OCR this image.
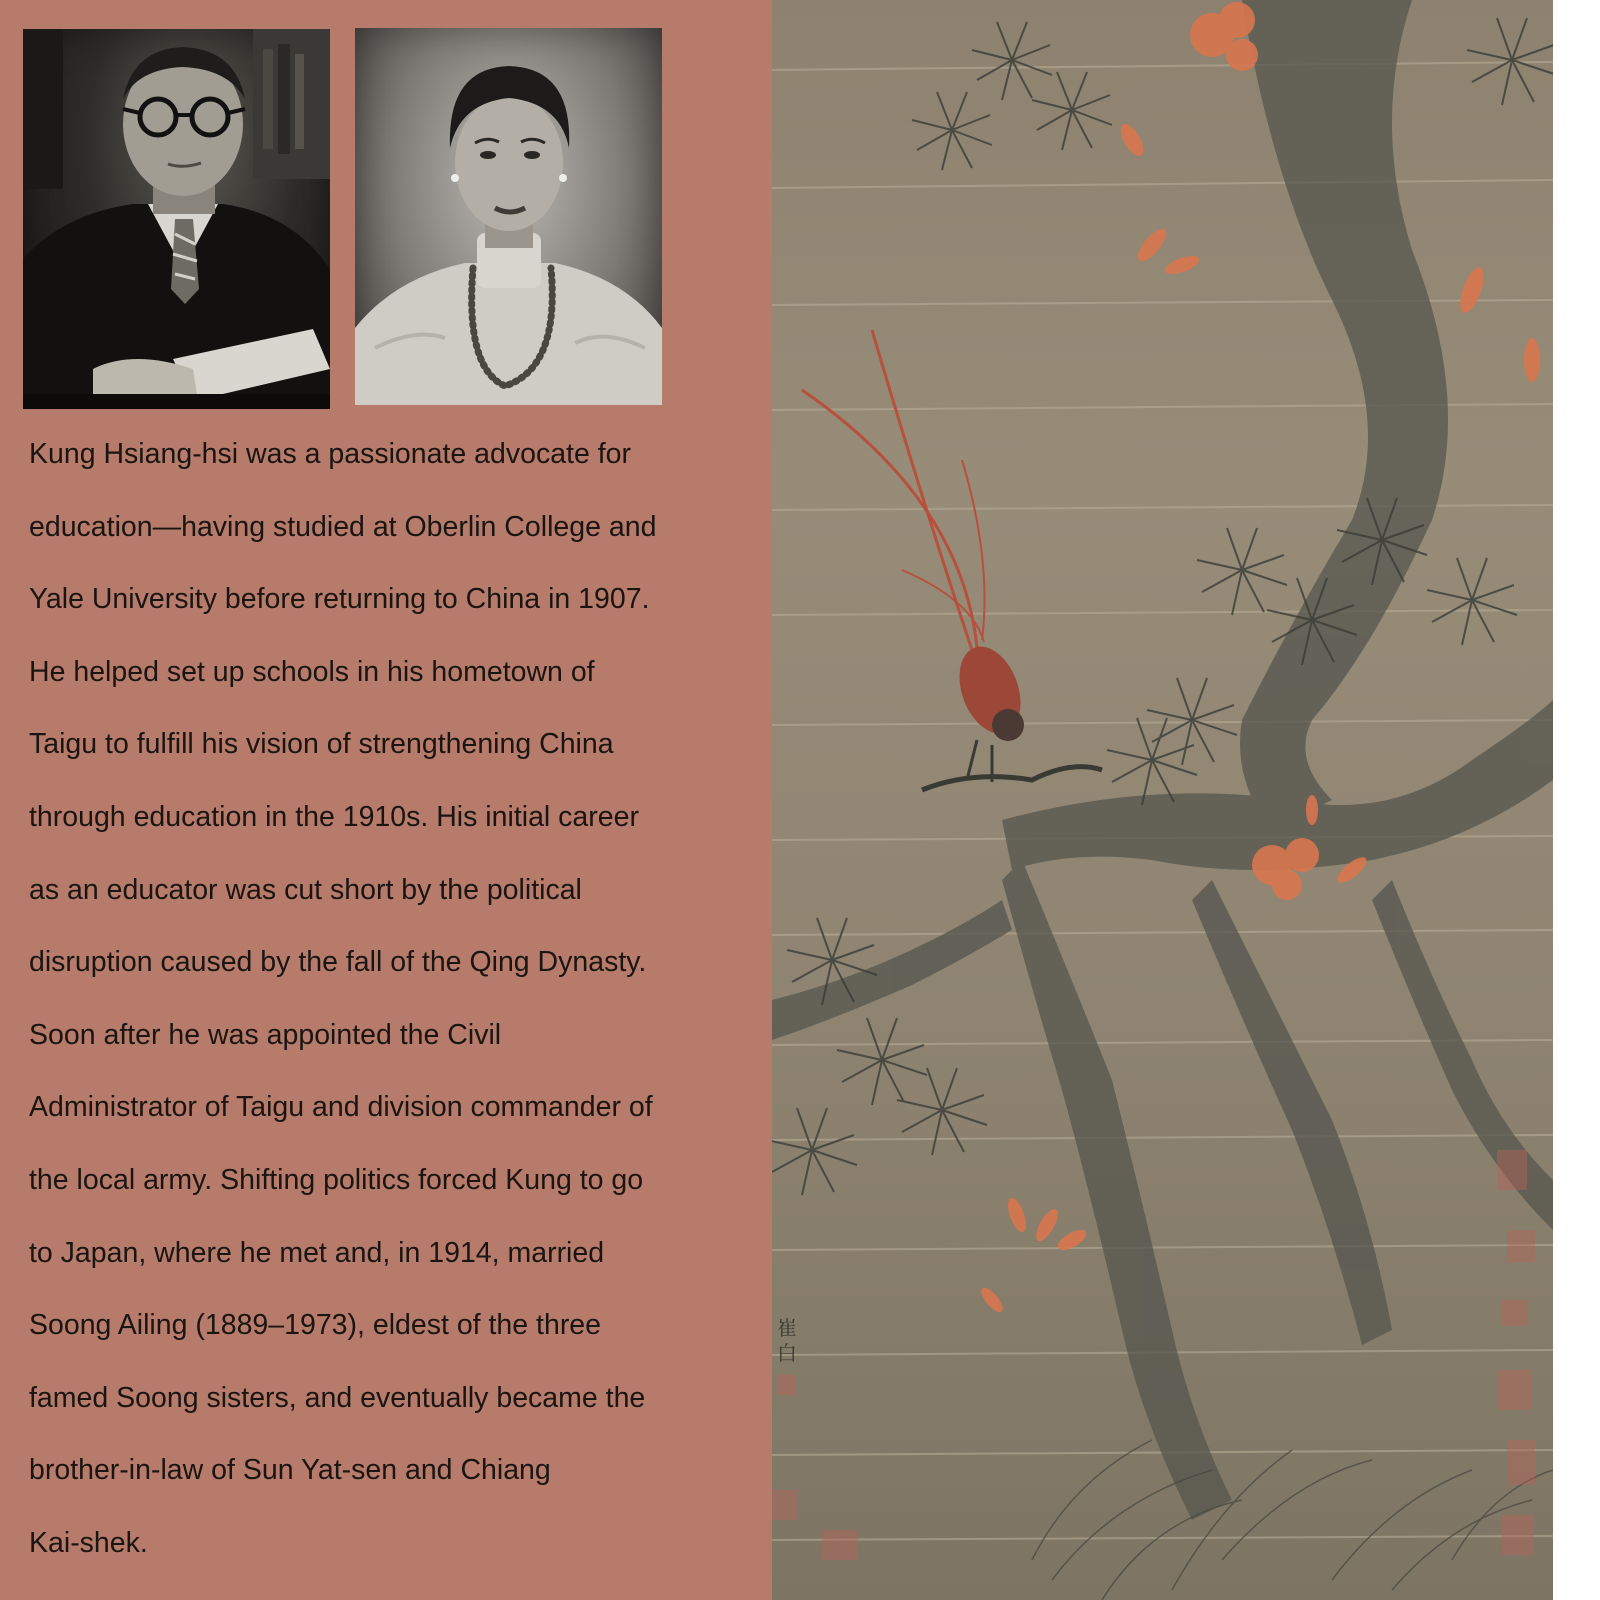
Kung Hsiang-hsi was a passionate advocate for
education—having studied at Oberlin College and
Yale University before returning to China in 1907.
He helped set up schools in his hometown of
Taigu to fulfill his vision of strengthening China
through education in the 1910s. His initial career
as an educator was cut short by the political
disruption caused by the fall of the Qing Dynasty.
Soon after he was appointed the Civil
Administrator of Taigu and division commander of
the local army. Shifting politics forced Kung to go
to Japan, where he met and, in 1914, married
Soong Ailing (1889–1973), eldest of the three
famed Soong sisters, and eventually became the
brother-in-law of Sun Yat-sen and Chiang
Kai-shek.

崔
白
